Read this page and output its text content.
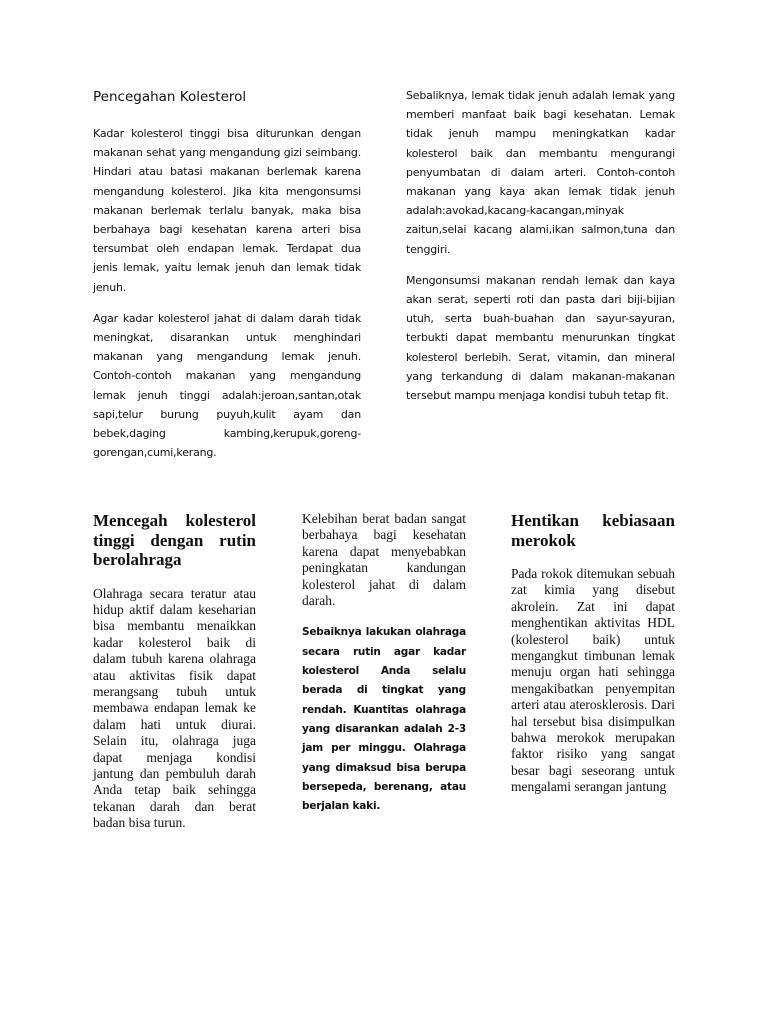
Pencegahan Kolesterol

Kadar kolesterol tinggi bisa diturunkan dengan makanan sehat yang mengandung gizi seimbang. Hindari atau batasi makanan berlemak karena mengandung kolesterol. Jika kita mengonsumsi makanan berlemak terlalu banyak, maka bisa berbahaya bagi kesehatan karena arteri bisa tersumbat oleh endapan lemak. Terdapat dua jenis lemak, yaitu lemak jenuh dan lemak tidak jenuh.

Agar kadar kolesterol jahat di dalam darah tidak meningkat, disarankan untuk menghindari makanan yang mengandung lemak jenuh. Contoh-contoh makanan yang mengandung lemak jenuh tinggi adalah:jeroan,santan,otak sapi,telur burung puyuh,kulit ayam dan bebek,daging kambing,kerupuk,goreng-gorengan,cumi,kerang.

Sebaliknya, lemak tidak jenuh adalah lemak yang memberi manfaat baik bagi kesehatan. Lemak tidak jenuh mampu meningkatkan kadar kolesterol baik dan membantu mengurangi penyumbatan di dalam arteri. Contoh-contoh makanan yang kaya akan lemak tidak jenuh adalah:avokad,kacang-kacangan,minyak zaitun,selai kacang alami,ikan salmon,tuna dan tenggiri.

Mengonsumsi makanan rendah lemak dan kaya akan serat, seperti roti dan pasta dari biji-bijian utuh, serta buah-buahan dan sayur-sayuran, terbukti dapat membantu menurunkan tingkat kolesterol berlebih. Serat, vitamin, dan mineral yang terkandung di dalam makanan-makanan tersebut mampu menjaga kondisi tubuh tetap fit.

Mencegah kolesterol tinggi dengan rutin berolahraga

Olahraga secara teratur atau hidup aktif dalam keseharian bisa membantu menaikkan kadar kolesterol baik di dalam tubuh karena olahraga atau aktivitas fisik dapat merangsang tubuh untuk membawa endapan lemak ke dalam hati untuk diurai. Selain itu, olahraga juga dapat menjaga kondisi jantung dan pembuluh darah Anda tetap baik sehingga tekanan darah dan berat badan bisa turun.

Kelebihan berat badan sangat berbahaya bagi kesehatan karena dapat menyebabkan peningkatan kandungan kolesterol jahat di dalam darah.

Sebaiknya lakukan olahraga secara rutin agar kadar kolesterol Anda selalu berada di tingkat yang rendah. Kuantitas olahraga yang disarankan adalah 2-3 jam per minggu. Olahraga yang dimaksud bisa berupa bersepeda, berenang, atau berjalan kaki.

Hentikan kebiasaan merokok

Pada rokok ditemukan sebuah zat kimia yang disebut akrolein. Zat ini dapat menghentikan aktivitas HDL (kolesterol baik) untuk mengangkut timbunan lemak menuju organ hati sehingga mengakibatkan penyempitan arteri atau aterosklerosis. Dari hal tersebut bisa disimpulkan bahwa merokok merupakan faktor risiko yang sangat besar bagi seseorang untuk mengalami serangan jantung
